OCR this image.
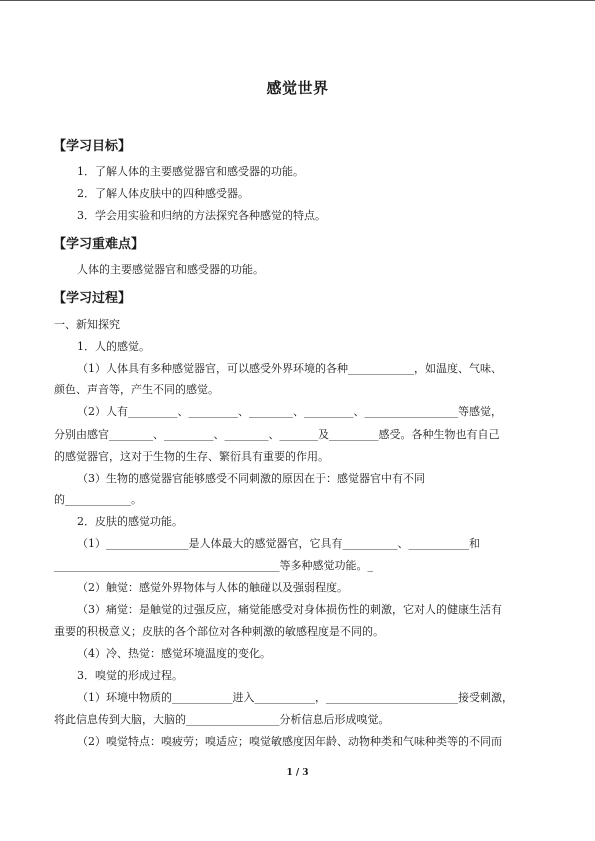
感觉世界
【学习目标】
1．了解人体的主要感觉器官和感受器的功能。
2．了解人体皮肤中的四种感受器。
3．学会用实验和归纳的方法探究各种感觉的特点。
【学习重难点】
人体的主要感觉器官和感受器的功能。
【学习过程】
一、新知探究
1．人的感觉。
（1）人体具有多种感觉器官，可以感受外界环境的各种____________，如温度、气味、
颜色、声音等，产生不同的感觉。
（2）人有_________、_________、________、_________、_________________等感觉，
分别由感官________、_________、________、_______及_________感受。各种生物也有自己
的感觉器官，这对于生物的生存、繁衍具有重要的作用。
（3）生物的感觉器官能够感受不同刺激的原因在于：感觉器官中有不同
的____________。
2．皮肤的感觉功能。
（1）_______________是人体最大的感觉器官，它具有__________、___________和
_________________________________________等多种感觉功能。_
（2）触觉：感觉外界物体与人体的触碰以及强弱程度。
（3）痛觉：是触觉的过强反应，痛觉能感受对身体损伤性的刺激，它对人的健康生活有
重要的积极意义；皮肤的各个部位对各种刺激的敏感程度是不同的。
（4）冷、热觉：感觉环境温度的变化。
3．嗅觉的形成过程。
（1）环境中物质的___________进入___________，________________________接受刺激，
将此信息传到大脑，大脑的_________________分析信息后形成嗅觉。
（2）嗅觉特点：嗅疲劳；嗅适应；嗅觉敏感度因年龄、动物种类和气味种类等的不同而
1 / 3
